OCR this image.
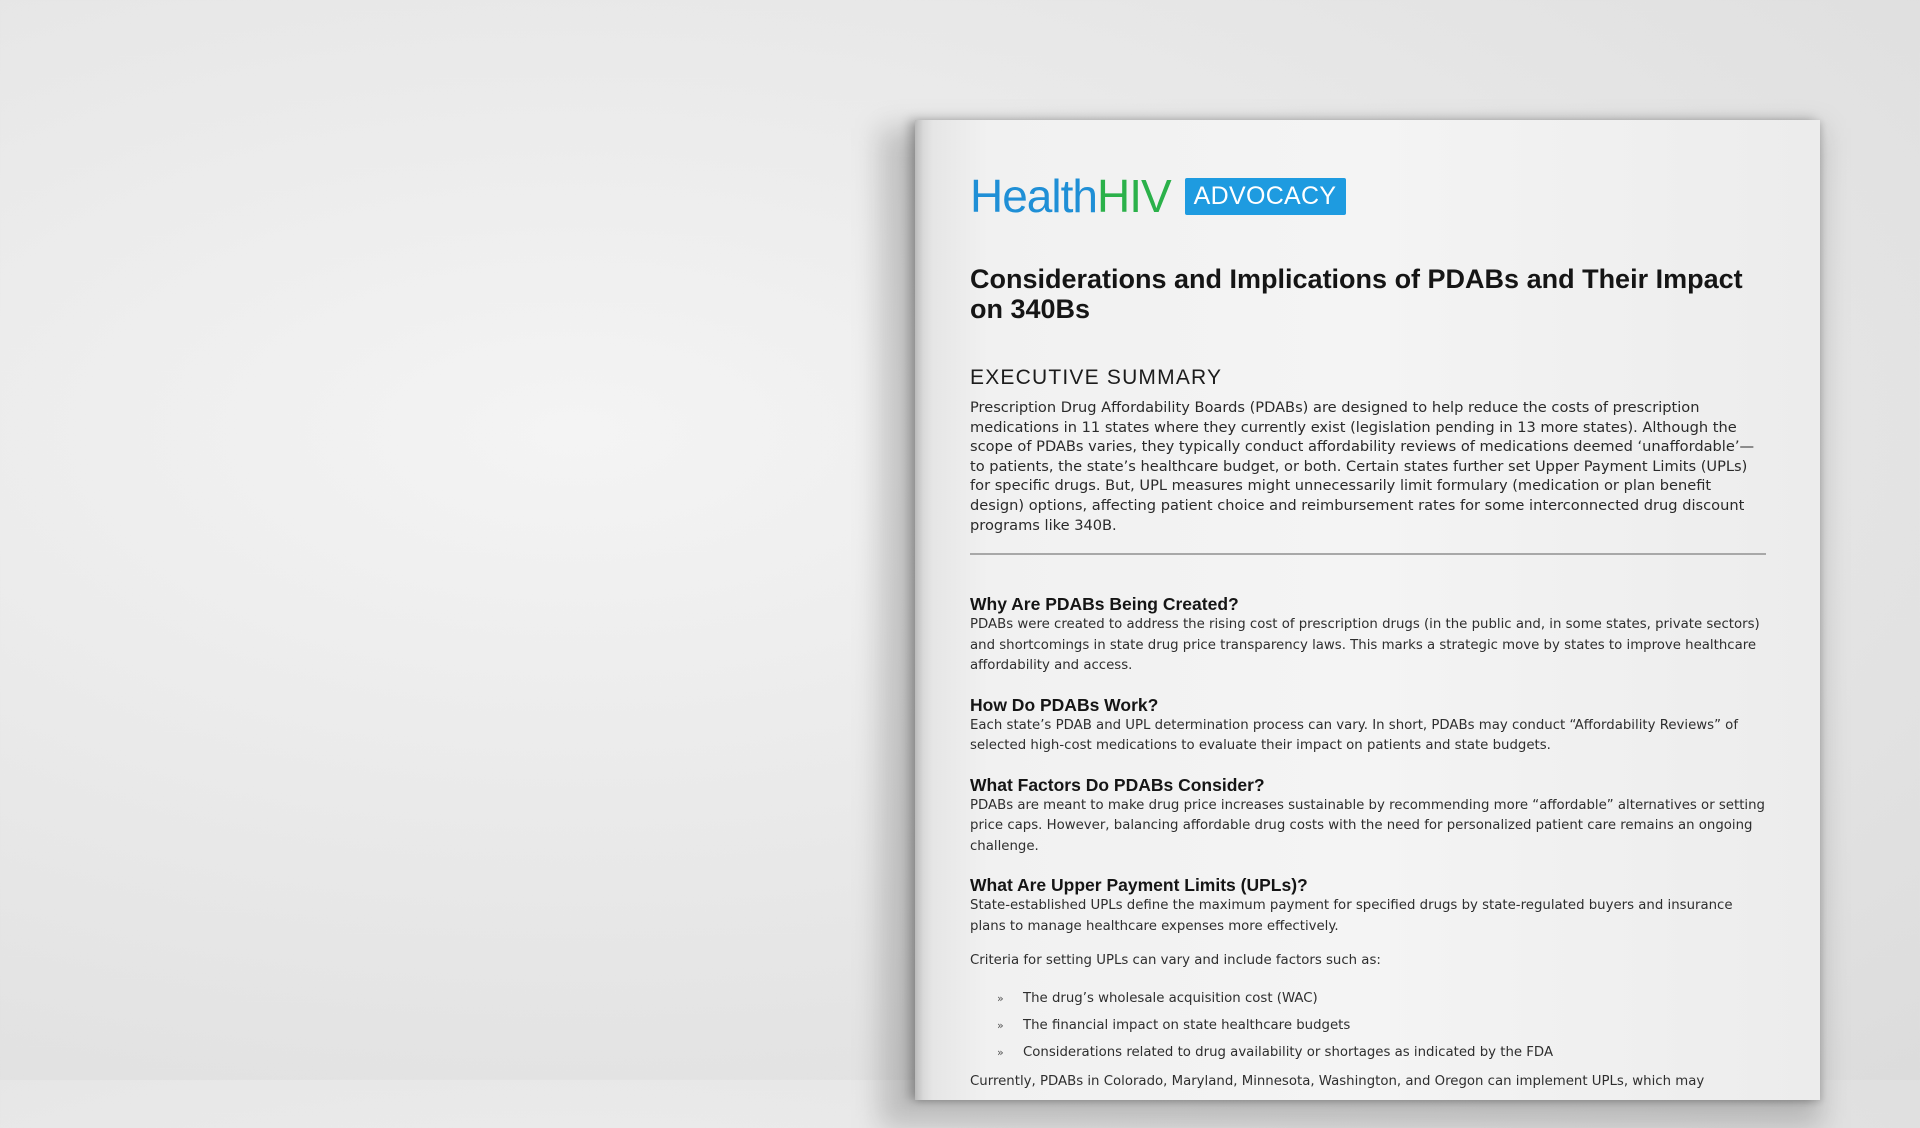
Health HIV ADVOCACY
Considerations and Implications of PDABs and Their Impact on 340Bs
EXECUTIVE SUMMARY
Prescription Drug Affordability Boards (PDABs) are designed to help reduce the costs of prescription medications in 11 states where they currently exist (legislation pending in 13 more states). Although the scope of PDABs varies, they typically conduct affordability reviews of medications deemed ‘unaffordable’—to patients, the state’s healthcare budget, or both. Certain states further set Upper Payment Limits (UPLs) for specific drugs. But, UPL measures might unnecessarily limit formulary (medication or plan benefit design) options, affecting patient choice and reimbursement rates for some interconnected drug discount programs like 340B.
Why Are PDABs Being Created?
PDABs were created to address the rising cost of prescription drugs (in the public and, in some states, private sectors) and shortcomings in state drug price transparency laws. This marks a strategic move by states to improve healthcare affordability and access.
How Do PDABs Work?
Each state’s PDAB and UPL determination process can vary. In short, PDABs may conduct “Affordability Reviews” of selected high-cost medications to evaluate their impact on patients and state budgets.
What Factors Do PDABs Consider?
PDABs are meant to make drug price increases sustainable by recommending more “affordable” alternatives or setting price caps. However, balancing affordable drug costs with the need for personalized patient care remains an ongoing challenge.
What Are Upper Payment Limits (UPLs)?
State-established UPLs define the maximum payment for specified drugs by state-regulated buyers and insurance plans to manage healthcare expenses more effectively.
Criteria for setting UPLs can vary and include factors such as:
»	The drug’s wholesale acquisition cost (WAC)
»	The financial impact on state healthcare budgets
»	Considerations related to drug availability or shortages as indicated by the FDA
Currently, PDABs in Colorado, Maryland, Minnesota, Washington, and Oregon can implement UPLs, which may
